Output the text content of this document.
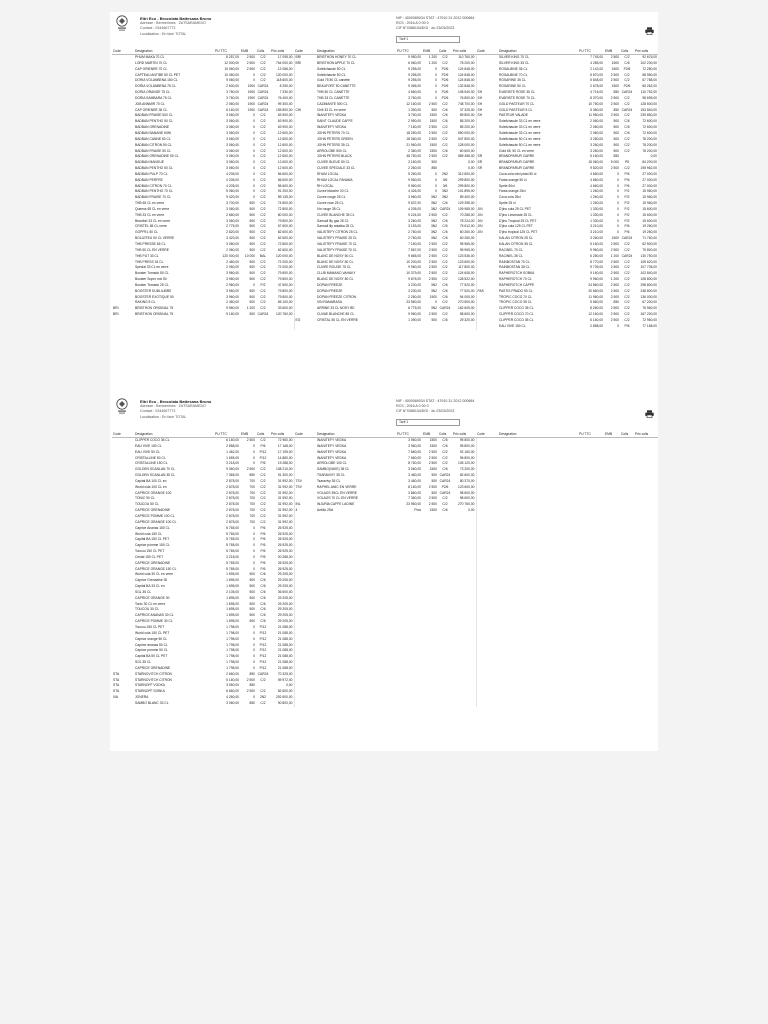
Eltri Eco - Brocolata Battesana Bruno
Adresse : Bermerimes · ZATSARAMEDO
Contact : 0344667773
Localisation : En face TOTAL
NIF : 4000089034 STAT : 47910 31 2012 000684
RCS : 2016 A 0 00 0
CIF N°0386104/DGI · du 23/03/2023
Tarif 1
Code	Designation	PU TTC	EMB	Colis	Prix colis	Code	Designation	PU TTC	EMB	Colis	Prix colis	Code	Designation	PU TTC	EMB	Colis	Prix colis
	PHUM MAKA 70 CL	8 257,00	2 500	C/2	17 095,00	BRI	BRISTHON HONEY 70 CL	9 980,00	1 200	C/2	110 760,00		SILVER KING 70 CL	7 745,00	2 500	C/2	92 676,00
	LORD MARTIN 70 CL	12 000,00	2 500	C/2	764 000,00	BRI	BRISTHON APPLE 70 CL	6 060,00	1 200	C/2	78 200,00		SILVER KING 35 CL	4 285,00	1500	C/6	102 230,00
	CAP ORIENRE 70 CL	10 060,00	2 500	C/2	12 056,00		Soleilchaude 50 CL	9 255,00	0	P2/6	124 848,00		ROSALBINE 35 CL	2 142,00	1500	P2/6	72 280,00
	CAPTEAU ANTIBE 50 CL PET	10 060,00	0	C/2	120 000,00		Soleilchaude 50 CL	9 255,00	0	P2/6	124 848,00		ROSALBINE 70 CL	5 870,00	2 500	C/2	68 950,00
	DORIA VOLANBENA 150 CL	9 060,00	0	C/2	118 600,00		Gold 75 50 CL canette	9 255,00	0	P2/6	124 848,00		ROSARINE 35 CL	5 848,00	2 500	C/2	67 788,00
	DORIA VOLANBENA 75 CL	2 600,00	1900	CAR24	8 250,00		BEAUFORT 50 CANETTE	9 065,00	0	P2/6	132 848,00		ROSARINE 50 CL	2 678,00	1500	P2/6	65 262,00
	DORIA ORANGE 75 CL	3 760,00	1900	CAR24	7 330,00		THB 50 CL CANETTE	4 660,00	0	P2/6	108 540,00	SH	EVARISTE ROSE 35 CL	4 715,00	850	CAR24	110 752,00
	DORIA SAMBARA 75 CL	3 760,00	1900	CAR24	76 400,00		THB 33 CL CANETTE	3 760,00	0	P2/6	76 800,00	SH	EVARISTE ROSE 70 CL	8 370,00	2 500	C/2	98 695,00
	JOB ANNMIR 70 CL	2 060,00	1900	CAR24	99 300,00		CAZIMANTE 500 CL	12 160,00	2 500	C/2	748 700,00	SH	GOLD PASTEUR 70 CL	10 750,00	2 500	C/2	128 600,00
	CAP ORIENRE 35 CL	6 160,00	1900	CAR24	155 800,00	CHI	Chill 33 CL en verre	1 390,00	500	C/6	37 325,00	SH	GOLD PASTEUR 5 CL	5 360,00	850	CAR24	153 840,00
	BADBAN FRAISE 500 CL	3 060,00	0	C/2	63 900,00		INANITEFY VEDKA	3 760,00	1500	C/6	89 800,00	SH	PASTEUR VALADE	11 960,00	2 500	C/2	239 850,00
	BADBAN PENTHO 50 CL	3 060,00	0	C/2	63 900,00		SAINT CLAUDE CAFFE	2 950,00	1500	C/6	85 200,00		Soleilchaude 33 CL en verre	2 060,00	500	C/6	72 600,00
	BADBAN ORENADINE	3 060,00	0	C/2	63 900,00		INANITEFY VEDKA	7 160,00	2 500	C/2	85 200,00		Soleilchaude 33 CL en verre	2 060,00	500	C/6	72 600,00
	BADBAN BANANE KIWI	3 060,00	0	C/2	12 600,00		JOHN PETERS 70 CL	18 250,00	2 500	C/2	550 000,00		Soleilchaude 33 CL en verre	2 060,00	500	C/6	72 600,00
	BADBAN CANNE 50 CL	3 060,00	0	C/2	12 600,00		JOHN PETERS GREEN	18 060,00	2 500	C/2	547 800,00		Soleilchaude 50 CL en verre	3 260,00	500	C/2	78 200,00
	BADBAN CITRON 50 CL	3 060,00	0	C/2	12 600,00		JOHN PETERS 35 CL	21 960,00	1500	C/2	128 000,00		Soleilchaude 50 CL en verre	3 260,00	500	C/2	78 200,00
	BADBAN FRAISE 50 CL	3 060,00	0	C/2	12 600,00		ARROLOBE 500 CL	2 360,00	1500	C/6	60 600,00		Gold 65, 50 CL en verre	3 260,00	500	C/2	78 200,00
	BADBAN ORENADINE 50 CL	3 060,00	0	C/2	12 600,00		JOHN PETERS BLACK	48 760,00	2 500	C/2	589 458,00	SR	BRANDPARUR CARRE	5 160,00	850		0,00
	BADBAN MANGUE	3 060,00	0	C/2	12 600,00		CUVEE BLEUE 50 CL	2 160,00	500		0,00	SR	BRANDPARUR CARRE	15 060,00	5 000	P8	84 200,00
	BADBAN PENTHO 50 CL	3 060,00	0	C/2	12 600,00		CUVEE SPECIALE 33 CL	2 260,00	850		0,00	SR	BRANDPARUR CARRE	9 820,00	2 500	C/2	195 962,00
	BADBAN PULP 70 CL	4 205,00	0	C/2	56 600,00		RHUM LOCAL	5 260,00	0	2N2	312 600,00		Coca cola mini plast 50 cl	4 660,00	0	P/6	27 000,00
	BADBAN PERFRE	4 205,00	0	C/2	56 600,00		RHUM LOCAL FANANA	9 960,00	0	3/6	299 800,00		Fanta orange 50 cl	4 660,00	0	P/6	27 000,00
	BADBAN CITRON 70 CL	4 205,00	0	C/2	56 600,00		RH LOCAL	9 960,00	0	3/6	299 800,00		Sprite 50cl	4 660,00	0	P/6	27 000,00
	BADBAN PENTHO 70 CL	5 060,00	0	C/2	91 200,00		Cuvee blanche 20 CL	4 426,00	0	3N2	101 895,00		Fanta orange 25cl	1 260,00	0	P/2	15 960,00
	BADBAN FRAISE 70 CL	9 420,00	0	C/2	89 135,00		Cuvee rouge 25 CL	3 960,00	3N2	3N2	89 400,00		Coca cola 25cl	1 260,00	0	P/2	15 960,00
	THB 65 CL en verre	3 700,00	500	C/2	74 800,00		Cuvee rose 25 CL	9 637,00	3N2	C/6	129 398,00		Sprite 25 cl	1 260,00	0	P/2	15 960,00
	Queens 65 CL en verre	3 060,00	500	C/2	72 800,00		Vin rouge 35 CL	4 205,00	3N2	CAR24	109 985,00	JIN	D'jino cola 25 CL PET	1 330,00	0	P/2	15 600,00
	THB 33 CL en verre	2 660,00	500	C/2	80 000,00		CUVEE BLANCHE 35 CL	9 224,00	2 500	C/2	70 288,00	JIN	D'jino Limonade 25 CL	1 330,00	0	P/2	15 600,00
	Beaufort 33 CL en verre	3 060,00	500	C/2	79 800,00		Samudi lily gaz 25 CL	3 260,00	3N2	C/6	78 224,00	JIN	D'jino Tropical 25 CL PET	1 330,00	0	P/2	15 600,00
	CRISTEL 65 CL verre	2 775,00	500	C/2	67 600,00		Samudi lily antalba 25 CL	3 153,00	3N2	C/6	75 612,00	JIN	D'jino cola 125 CL PET	3 210,00	0	P/6	19 260,00
	GOPPEL 50 CL	2 820,00	500	C/2	82 600,00		VALISTEFY CITRON 25 CL	2 760,00	3N2	C/6	60 260,00	JIN	D'jino tropical 125 CL PET	3 210,00	0	P/6	19 260,00
	BOLLEFEU 50 CL VERRE	3 420,00	500	C/2	62 600,00		VALISTEFY FRAISE 25 CL	2 760,00	3N2	C/6	60 260,00		KALAN CITRON 25 CL	3 260,00	1500	CAR24	71 760,00
	THB PRESSE 65 CL	3 060,00	500	C/2	72 800,00		VALISTEFY FRAISE 70 CL	7 160,00	2 500	C/2	95 965,00		KALAN CITRON 35 CL	5 160,00	2 500	C/2	62 500,00
	THB 50 CL EN VERRE	2 060,00	500	C/2	62 600,00		VALISTEFY FRAISE 70 CL	7 567,00	2 500	C/2	95 965,00		RACINEL 70 CL	9 960,00	2 500	C/2	79 800,00
	THB PUT 33 CL	120 000,00	10 000	BAL	120 000,00		BLANC DE NOSY 50 CL	9 865,00	2 500	C/2	123 536,00		RACINEL 35 CL	6 280,00	1 200	CAR24	130 750,00
	THB PRESS 33 CL	2 460,00	500	C/2	72 000,00		BLANC DE NOSY 80 CL	10 200,00	2 500	C/2	123 600,00		RAINBOSTAN 70 CL	8 770,00	2 500	C/2	105 620,00
	Special 33 CL en verre	2 060,00	500	C/2	72 000,00		CUVEE ROUGE 75 CL	9 960,00	2 500	C/2	117 800,00		RAINBOSTAN 35 CL	9 739,00	2 500	C/2	107 735,00
	Booster Tornado 50 CL	3 960,00	500	C/2	79 800,00		CLUB MAMANO VAHAKY	10 379,00	2 500	C/2	124 608,00		RAPHEROTCH SOBKA	9 160,00	2 500	C/2	102 840,00
	Booster Super mix 50	3 960,00	500	C/2	79 800,00		BLANC DE NOSY 80 CL	9 876,00	2 500	C/2	128 522,00		RAPHEROTCH 70 CL	9 960,00	1 200	C/2	108 800,00
	Booster Tornado 25 CL	2 960,00	0	P/2	47 600,00		DOPAN FREEZE	3 230,00	3N2	C/6	77 520,00		RAPHEROTCH CAPPE	24 860,00	2 500	C/2	298 800,00
	BOOSTER DUBLILIBRE	3 960,00	500	C/2	79 800,00		DOPAN FREEZE	3 230,00	3N2	C/6	77 520,00	PAS	PASTIS PRADO 50 CL	20 660,00	2 500	C/2	248 800,00
	BOOSTER EXOTIQUE 50	3 960,00	500	C/2	79 800,00		DOPAN FREEZE CITRON	2 260,00	1500	C/6	54 000,00		TROPIC COCO 70 CL	11 960,00	2 500	C/2	136 000,00
	RAKING 5 CL	2 460,00	500	C/2	65 100,00		VIN RAMARASA	23 560,00	0	C/2	270 500,00		TROPIC COCO 35 CL	5 660,00	850	C/2	67 200,00
BRI	BRISTHON ORIGINAL 75	9 960,00	1 200	C/2	33 600,00		ARRINE 33 CL NOSY BE	6 775,00	3N2	CAR24	162 605,00		CLIPPER COCO 35 CL	8 260,00	2 500	C/2	76 960,00
BRI	BRISTHON ORIGINAL 75	9 160,00	500	CAR24	120 760,00		CUVAE BLANCHE 85 CL	9 960,00	2 500	C/2	58 600,00		CLIPPER COCO 70 CL	12 160,00	2 500	C/2	167 200,00
						EG	CRISTAL 50 CL EN VERRE	1 390,00	500	C/6	29 320,00		CLIPPER COCO 35 CL	6 160,00	2 500	C/2	72 960,00
													EAU VIVE 150 CL	2 858,00	0	P/6	77 168,00
Eltri Eco - Brocolata Battesana Bruno
Adresse : Bermerimes · ZATSARAMEDO
Contact : 0344667773
Localisation : En face TOTAL
NIF : 4000089034 STAT : 47910 31 2012 000684
RCS : 2016 A 0 00 0
CIF N°0386104/DGI · du 23/03/2023
Tarif 1
Code	Designation	PU TTC	EMB	Colis	Prix colis	Code	Designation	PU TTC	EMB	Colis	Prix colis	Code	Designation	PU TTC	EMB	Colis	Prix colis
	CLIPPER COCO 35 CL	6 160,00	2 500	C/2	72 960,00		INANITEFY VEDKA	3 960,00	1500	C/6	95 800,00						
	EAU VIVE 150 CL	2 858,00	0	P/6	17 168,00		INANITEFY VEDKA	3 960,00	1500	C/6	95 800,00						
	EAU VIVE 50 CL	1 462,00	0	P/12	17 195,00		INANITEFY VEDKA	7 660,00	2 500	C/2	92 160,00						
	CRISTALLINE 50 CL	1 655,00	0	P/12	14 880,00		INANITEFY VEDKA	7 660,00	2 500	C/2	96 800,00						
	CRISTALLINE 150 CL	3 218,00	0	P/6	19 288,00		ARROLOBE 100 CL	8 760,00	2 500	C/2	105 120,00						
	GOLDEN SCANLAN 70 CL	9 060,00	2 500	C/2	108 210,00		SAMBO(VAKE) 35 CL	3 060,00	1500	C/6	73 200,00						
	GOLDEN SCANLAN 35 CL	7 365,00	850	C/2	91 300,00		TSARAVIVY 35 CL	3 460,00	500	CAR24	82 600,00						
	Capital BA 100 CL en	2 878,00	700	C/2	31 992,00	TSV	Tsaravivy 35 CL	3 460,00	500	CAR24	80 370,00						
	World cola 100 CL en	2 878,00	700	C/2	31 992,00	TSV	RAPHEL ANIC EN VERRE	8 160,00	2 500	P2/6	123 600,00						
	CAPRICE ORANGE 100	2 878,00	700	C/2	31 992,00		VOLAOS 35CL EN VERRE	3 860,00	500	CAR24	98 600,00						
	TONIC 90 CL	2 878,00	700	C/2	31 992,00		VOLAOS 70 CL EN VERRE	7 360,00	2 500	C/2	98 600,00						
	TOUCOU 50 CL	2 878,00	700	C/2	31 992,00	INL	INJURIA CAFFE LAGINE	23 960,00	2 500	C/2	270 760,00						
	CAPRICE GRENADINE	2 878,00	700	C/2	31 992,00	4	Anbilo 25cl	Pms	1500	C/6	0,00						
	CAPRICE POMME 100 CL	2 878,00	700	C/2	31 992,00												
	CAPRICE GRANGE 100 CL	2 878,00	700	C/2	31 992,00												
	Caprice Ananas 150 CL	5 765,00	0	P/6	26 925,00												
	World cola 150 CL	5 765,00	0	P/6	26 925,00												
	Capital BA 150 CL PET	5 765,00	0	P/6	26 925,00												
	Caprice pomme 150 CL	5 765,00	0	P/6	26 925,00												
	Toucou 150 CL PET	5 765,00	0	P/6	26 925,00												
	Cristal 150 CL PET	3 218,00	0	P/6	20 288,00												
	CAPRICE GRENADINE	5 765,00	0	P/6	26 925,00												
	CAPRICE ORANGE 150 CL	5 765,00	0	P/6	26 925,00												
	World cola 30 CL en verre	1 695,00	500	C/6	29 205,00												
	Caprice Grenadine 30	1 695,00	500	C/6	29 205,00												
	Capital BA 33 CL en	1 695,00	500	C/6	29 205,00												
	SGL 35 CL	2 105,00	500	C/6	36 600,00												
	CAPRICE ORANGE 30	1 695,00	500	C/6	29 205,00												
	Tonic 30 CL en verre	1 695,00	500	C/6	29 205,00												
	TOUCOU 30 CL	1 695,00	500	C/6	29 205,00												
	CAPRICE ANANAS 30 CL	1 695,00	500	C/6	29 205,00												
	CAPRICE POMME 30 CL	1 695,00	500	C/6	29 205,00												
	Toucou 150 CL PET	1 798,00	0	P/12	21 088,00												
	World cola 150 CL PET	1 798,00	0	P/12	21 088,00												
	Caprice orange 50 CL	1 798,00	0	P/12	21 088,00												
	Caprice ananas 50 CL	1 798,00	0	P/12	21 088,00												
	Caprice pomme 50 CL	1 798,00	0	P/12	21 088,00												
	Capital BA 50 CL PET	1 798,00	0	P/12	21 088,00												
	SGL 35 CL	1 798,00	0	P/12	21 088,00												
	CAPRICE GRENADINE	1 798,00	0	P/12	21 088,00												
STA	STARNOVITCH CITRON	2 660,00	850	CAR24	70 325,00												
STA	STARNOVITCH CITRON	5 160,00	2 500	C/2	59 972,00												
STA	STARNOFF VODKA	3 060,00	850		0,00												
STA	STARNOFF SOBKA	6 660,00	2 500	C/2	82 600,00												
IVA	JONERA	4 260,00	0	2N2	292 600,00												
	SAMBO BLANC 33 CL	3 060,00	850	C/2	90 800,00												
